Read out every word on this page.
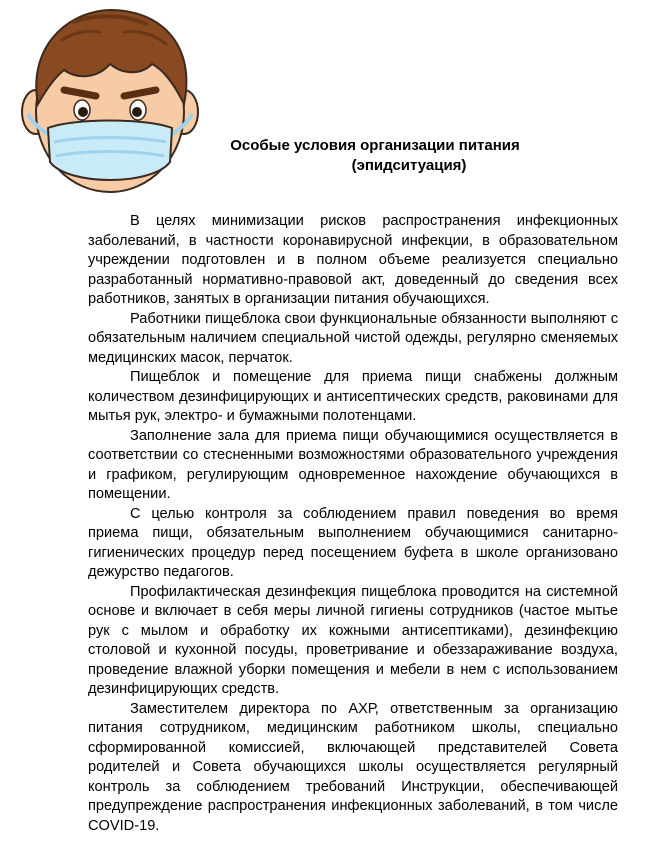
Особые условия организации питания
(эпидситуация)

В целях минимизации рисков распространения инфекционных заболеваний, в частности коронавирусной инфекции, в образовательном учреждении подготовлен и в полном объеме реализуется специально разработанный нормативно-правовой акт, доведенный до сведения всех работников, занятых в организации питания обучающихся.

Работники пищеблока свои функциональные обязанности выполняют с обязательным наличием специальной чистой одежды, регулярно сменяемых медицинских масок, перчаток.

Пищеблок и помещение для приема пищи снабжены должным количеством дезинфицирующих и антисептических средств, раковинами для мытья рук, электро- и бумажными полотенцами.

Заполнение зала для приема пищи обучающимися осуществляется в соответствии со стесненными возможностями образовательного учреждения и графиком, регулирующим одновременное нахождение обучающихся в помещении.

С целью контроля за соблюдением правил поведения во время приема пищи, обязательным выполнением обучающимися санитарно-гигиенических процедур перед посещением буфета в школе организовано дежурство педагогов.

Профилактическая дезинфекция пищеблока проводится на системной основе и включает в себя меры личной гигиены сотрудников (частое мытье рук с мылом и обработку их кожными антисептиками), дезинфекцию столовой и кухонной посуды, проветривание и обеззараживание воздуха, проведение влажной уборки помещения и мебели в нем с использованием дезинфицирующих средств.

Заместителем директора по АХР, ответственным за организацию питания сотрудником, медицинским работником школы, специально сформированной комиссией, включающей представителей Совета родителей и Совета обучающихся школы осуществляется регулярный контроль за соблюдением требований Инструкции, обеспечивающей предупреждение распространения инфекционных заболеваний, в том числе COVID-19.
